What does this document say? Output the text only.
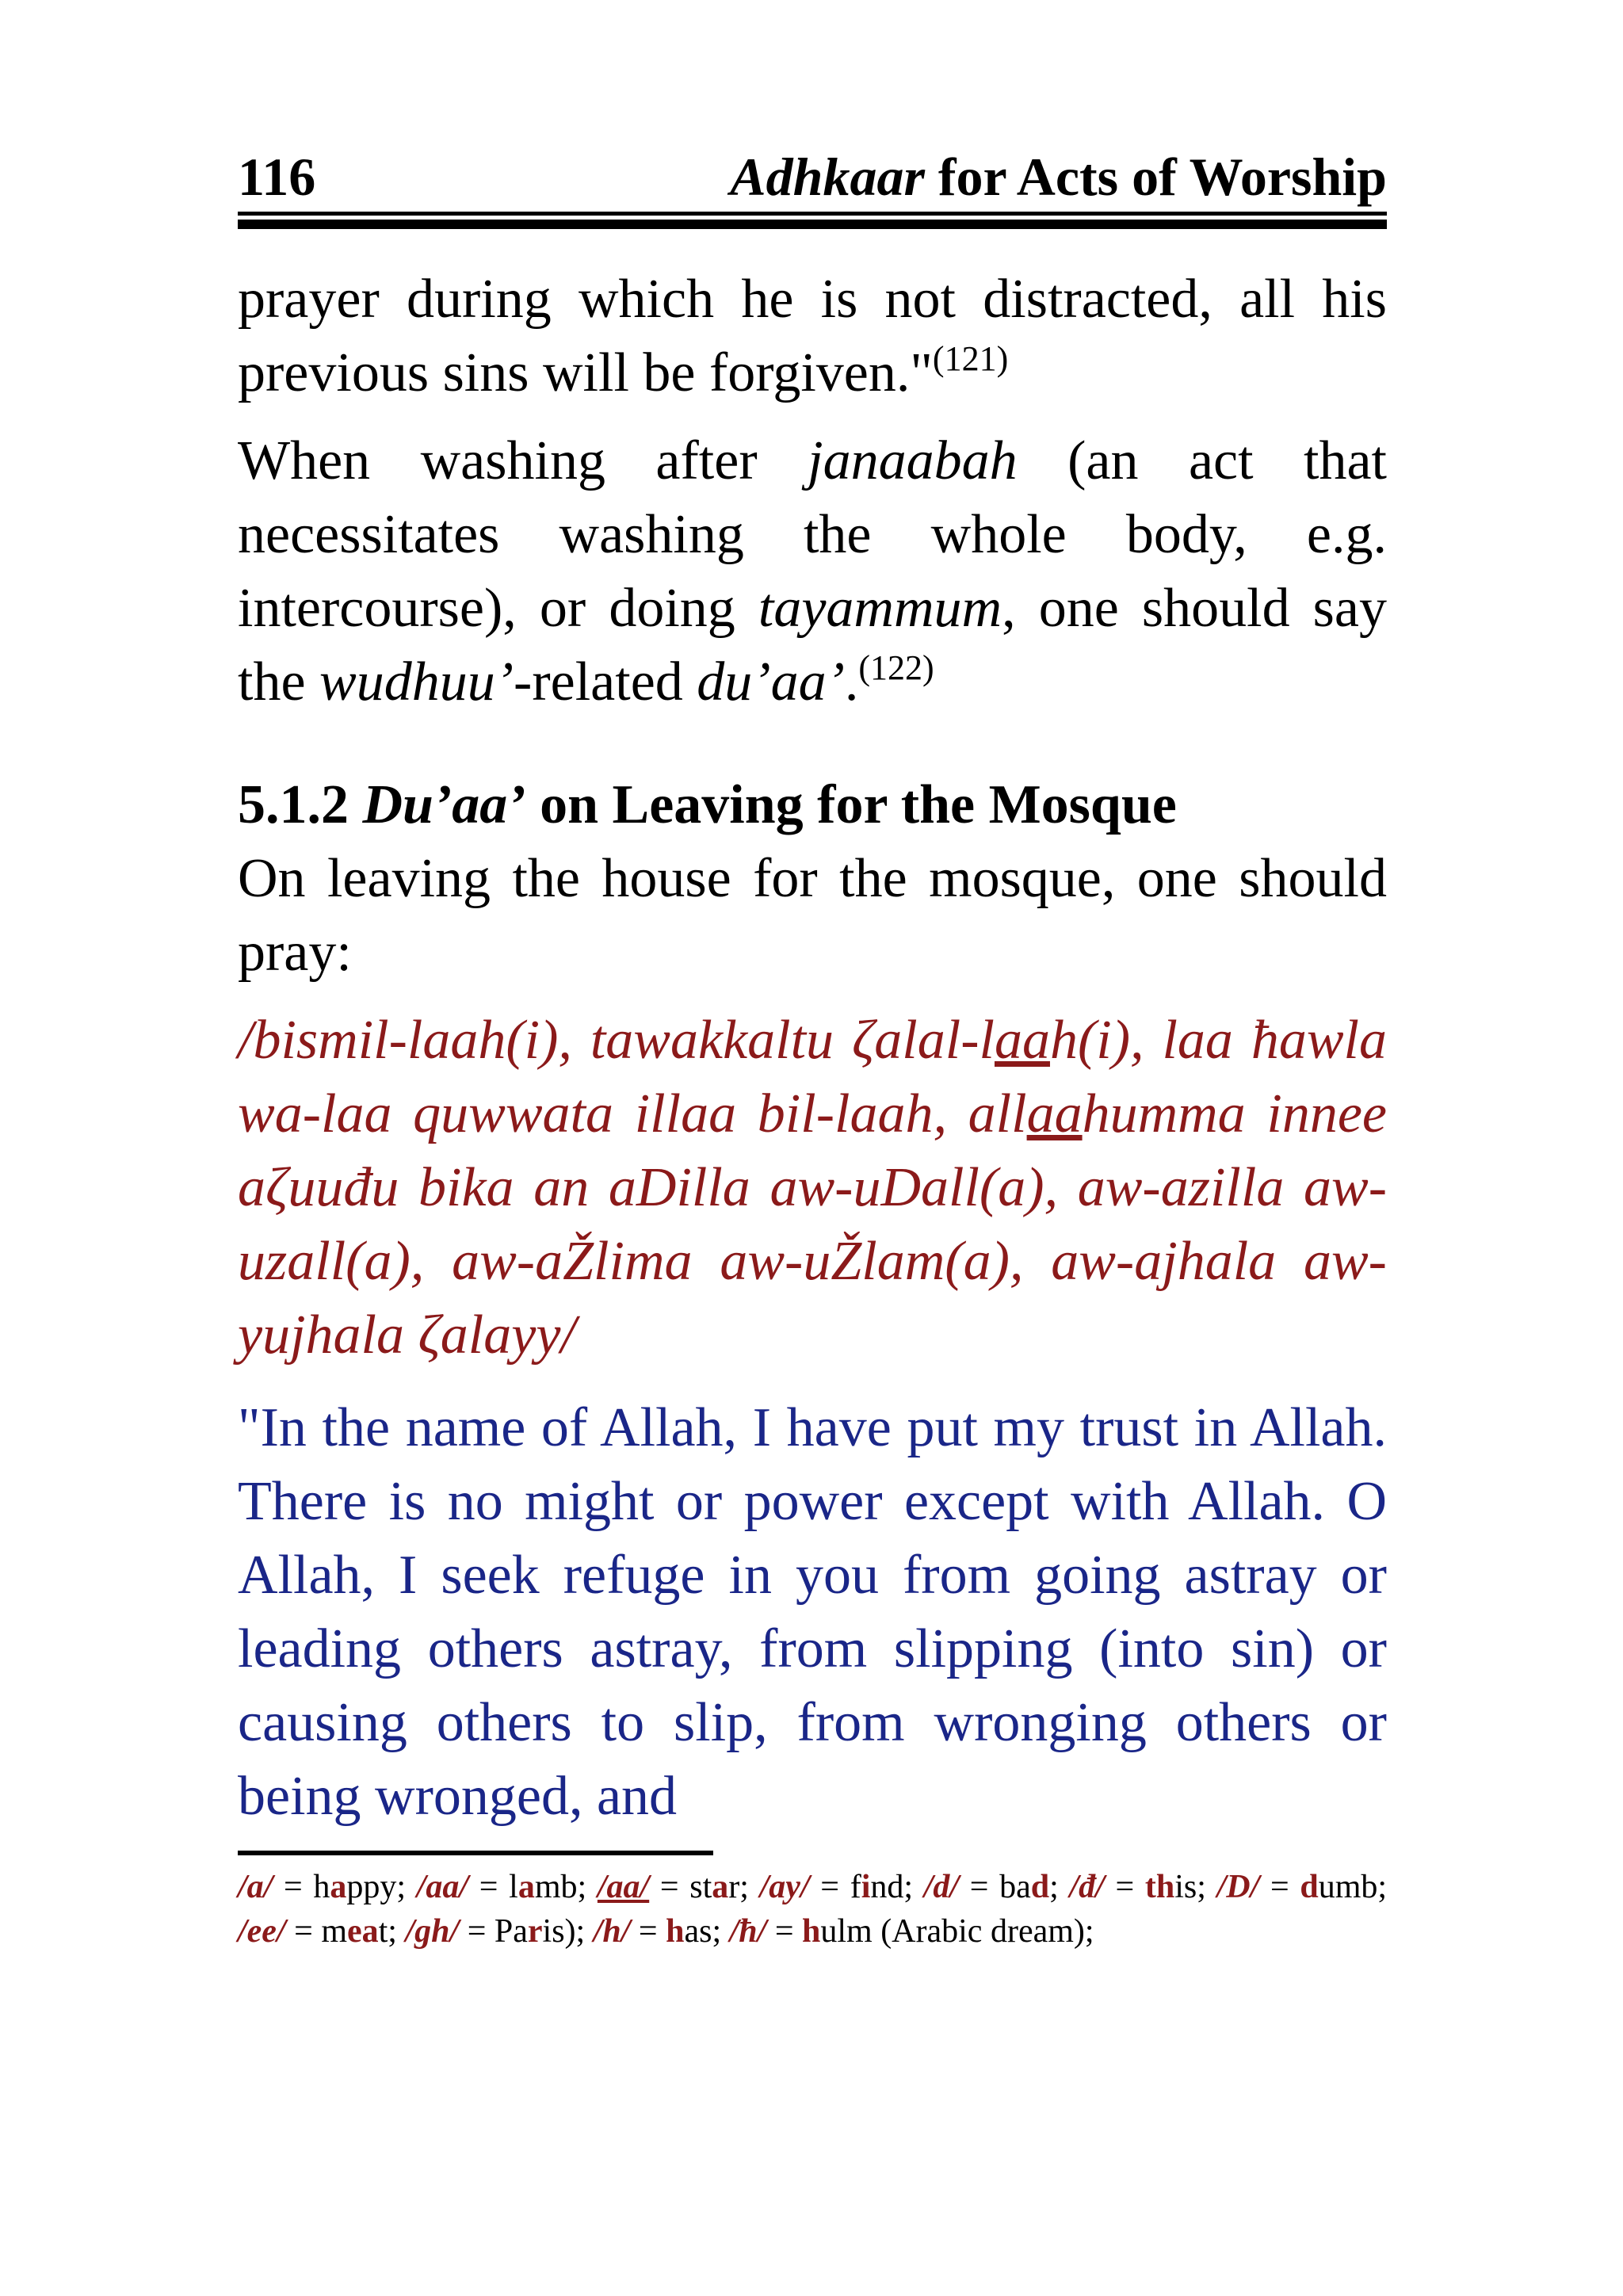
116	Adhkaar for Acts of Worship

prayer during which he is not distracted, all his previous sins will be forgiven."$^{(121)}$

When washing after janaabah (an act that necessitates washing the whole body, e.g. intercourse), or doing tayammum, one should say the wudhuu’-related du’aa’.$^{(122)}$

5.1.2 Du’aa’ on Leaving for the Mosque

On leaving the house for the mosque, one should pray:

/bismil-laah(i), tawakkaltu ζalal-laah(i), laa ħawla wa-laa quwwata illaa bil-laah, allaahumma innee aζuuđu bika an aDilla aw-uDall(a), aw-azilla aw-uzall(a), aw-aŽlima aw-uŽlam(a), aw-ajhala aw-yujhala ζalayy/
"In the name of Allah, I have put my trust in Allah. There is no might or power except with Allah. O Allah, I seek refuge in you from going astray or leading others astray, from slipping (into sin) or causing others to slip, from wronging others or being wronged, and
/a/ = happy; /aa/ = lamb; /aa/ = star; /ay/ = find; /d/ = bad; /đ/ = this; /D/ = dumb; /ee/ = meat; /gh/ = Paris); /h/ = has; /ħ/ = hulm (Arabic dream);
